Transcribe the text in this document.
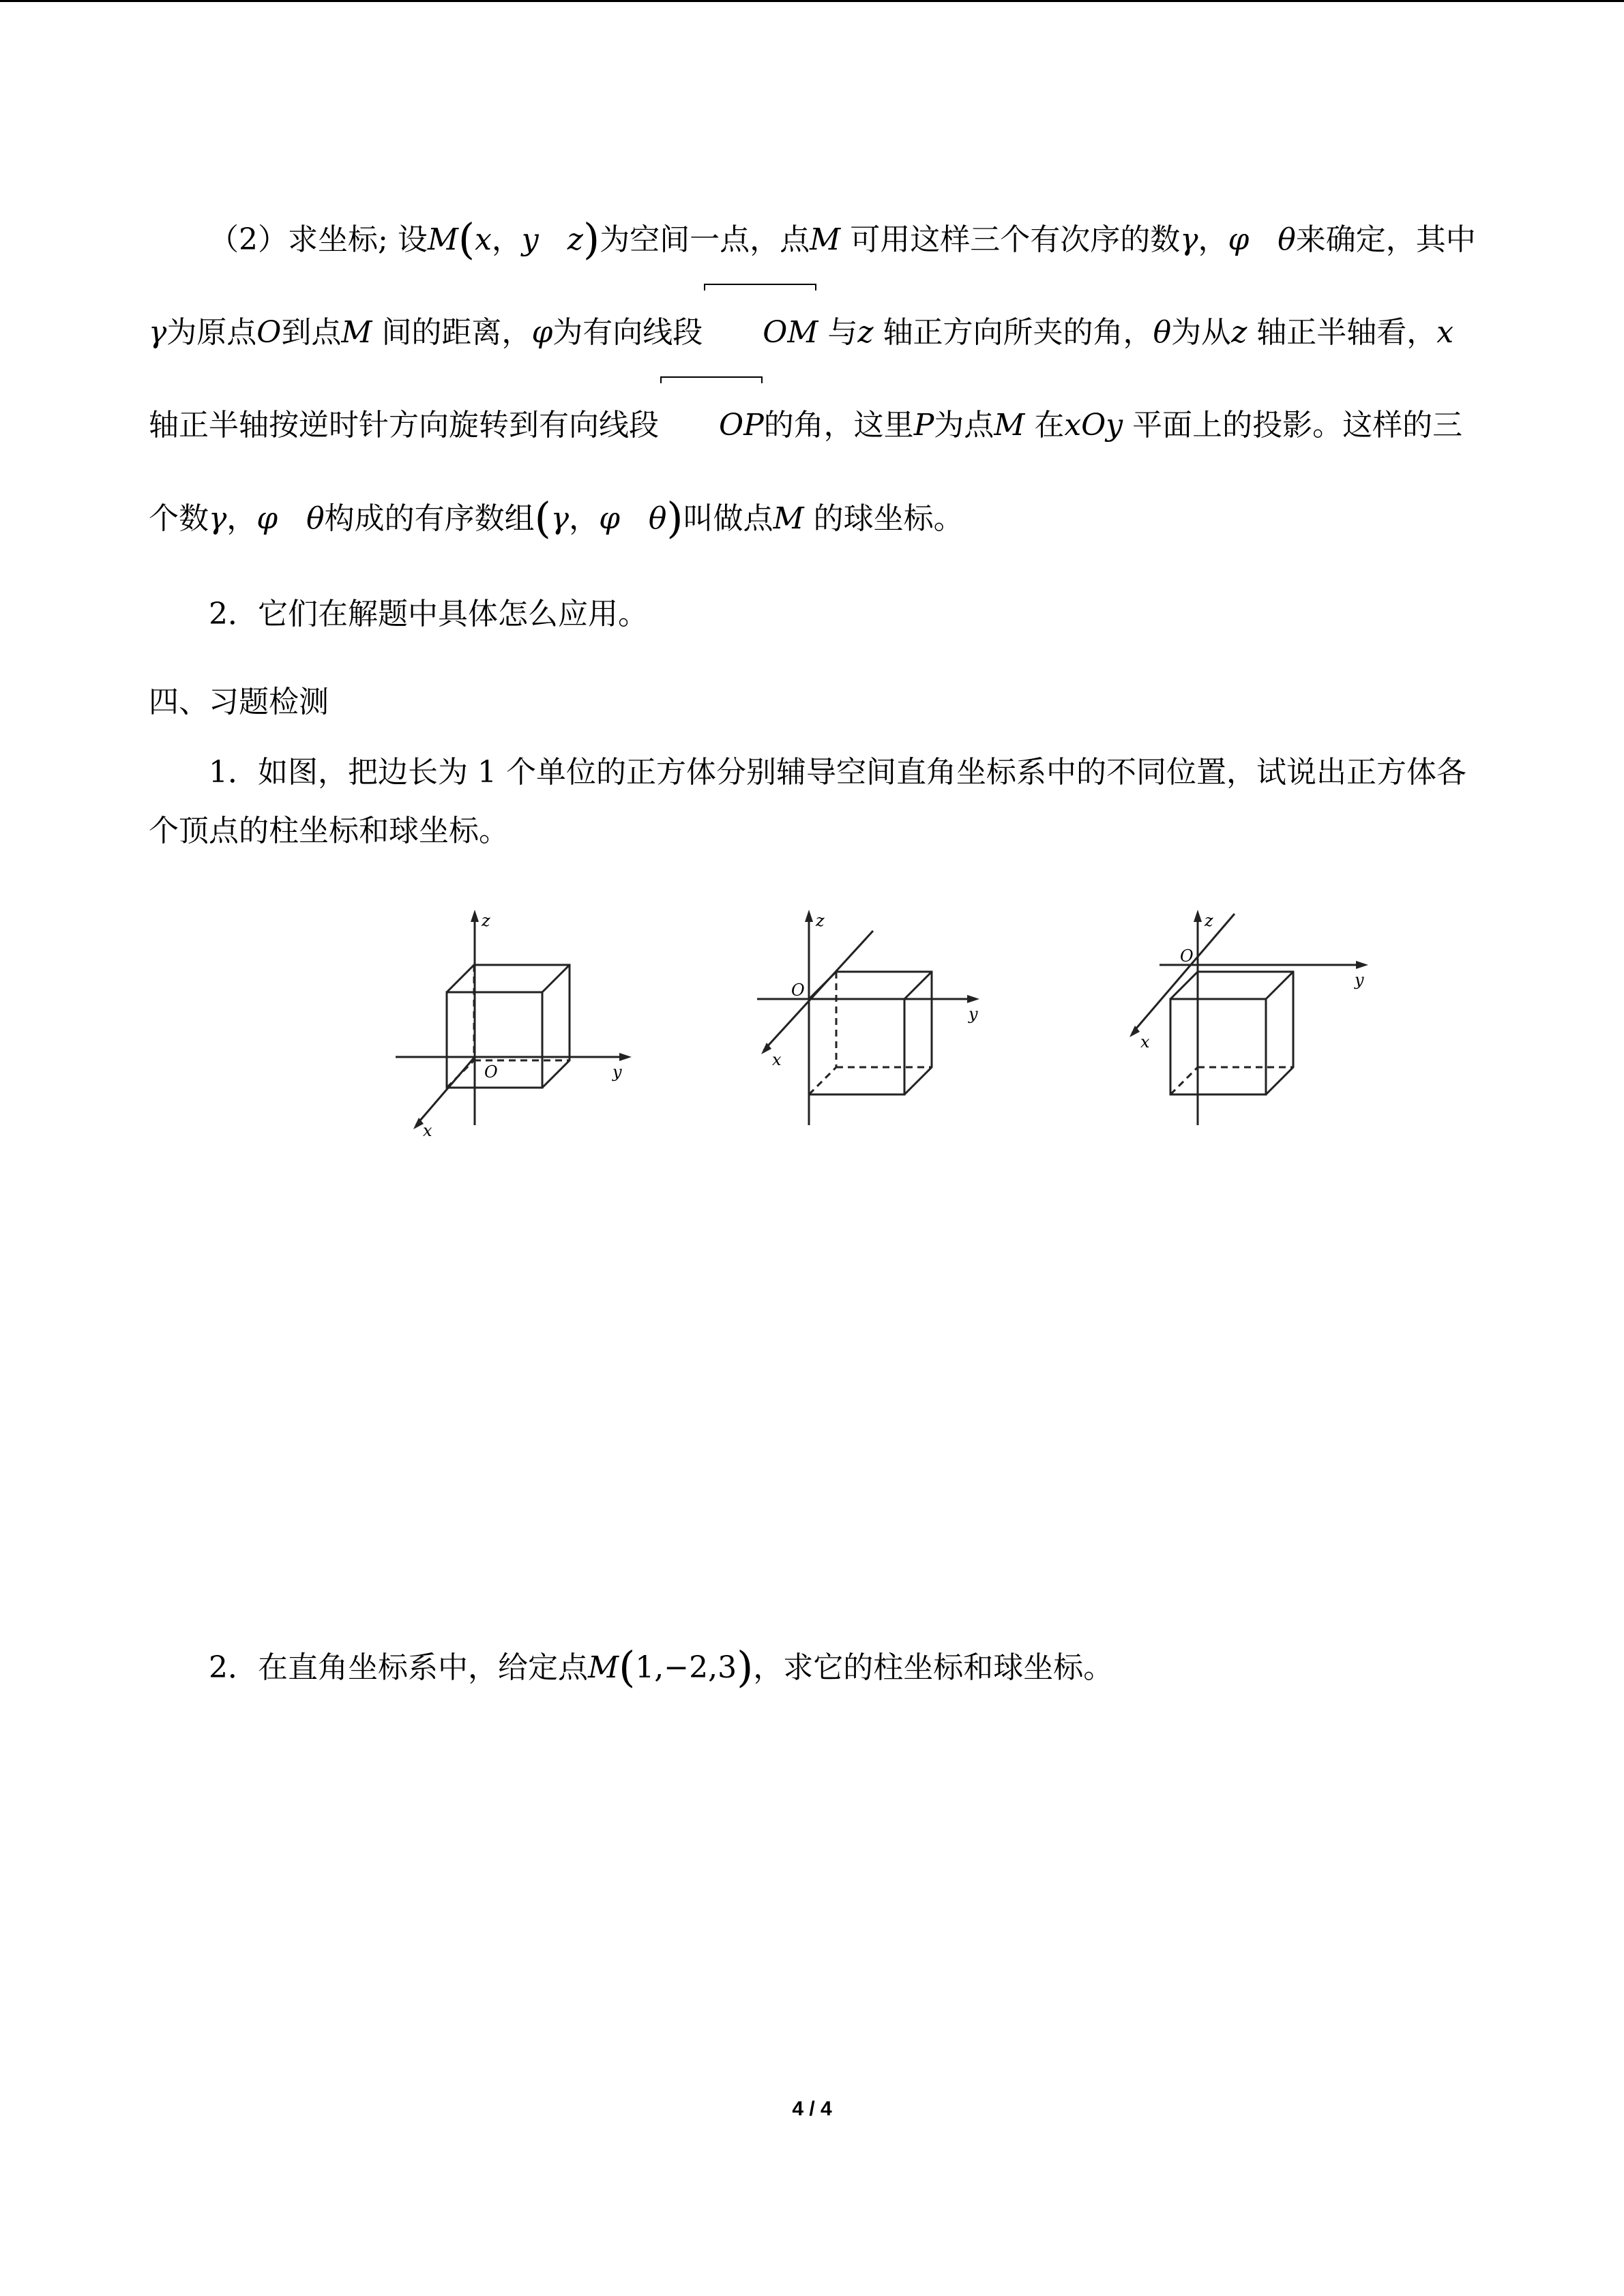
（2）求坐标; 设M(x，y z)为空间一点，点M 可用这样三个有次序的数γ，φ θ来确定，其中γ为原点O到点M 间的距离，φ为有向线段 OM 与z 轴正方向所夹的角，θ为从z 轴正半轴看，x 轴正半轴按逆时针方向旋转到有向线段 OP的角，这里P为点M 在xOy 平面上的投影。这样的三个数γ，φ θ构成的有序数组(γ，φ θ)叫做点M 的球坐标。

2．它们在解题中具体怎么应用。

四、习题检测

1．如图，把边长为 1 个单位的正方体分别辅导空间直角坐标系中的不同位置，试说出正方体各个顶点的柱坐标和球坐标。

z
y
x
O
z
y
x
O
z
y
x
O

2．在直角坐标系中，给定点M(1,−2,3)，求它的柱坐标和球坐标。

4 / 4
